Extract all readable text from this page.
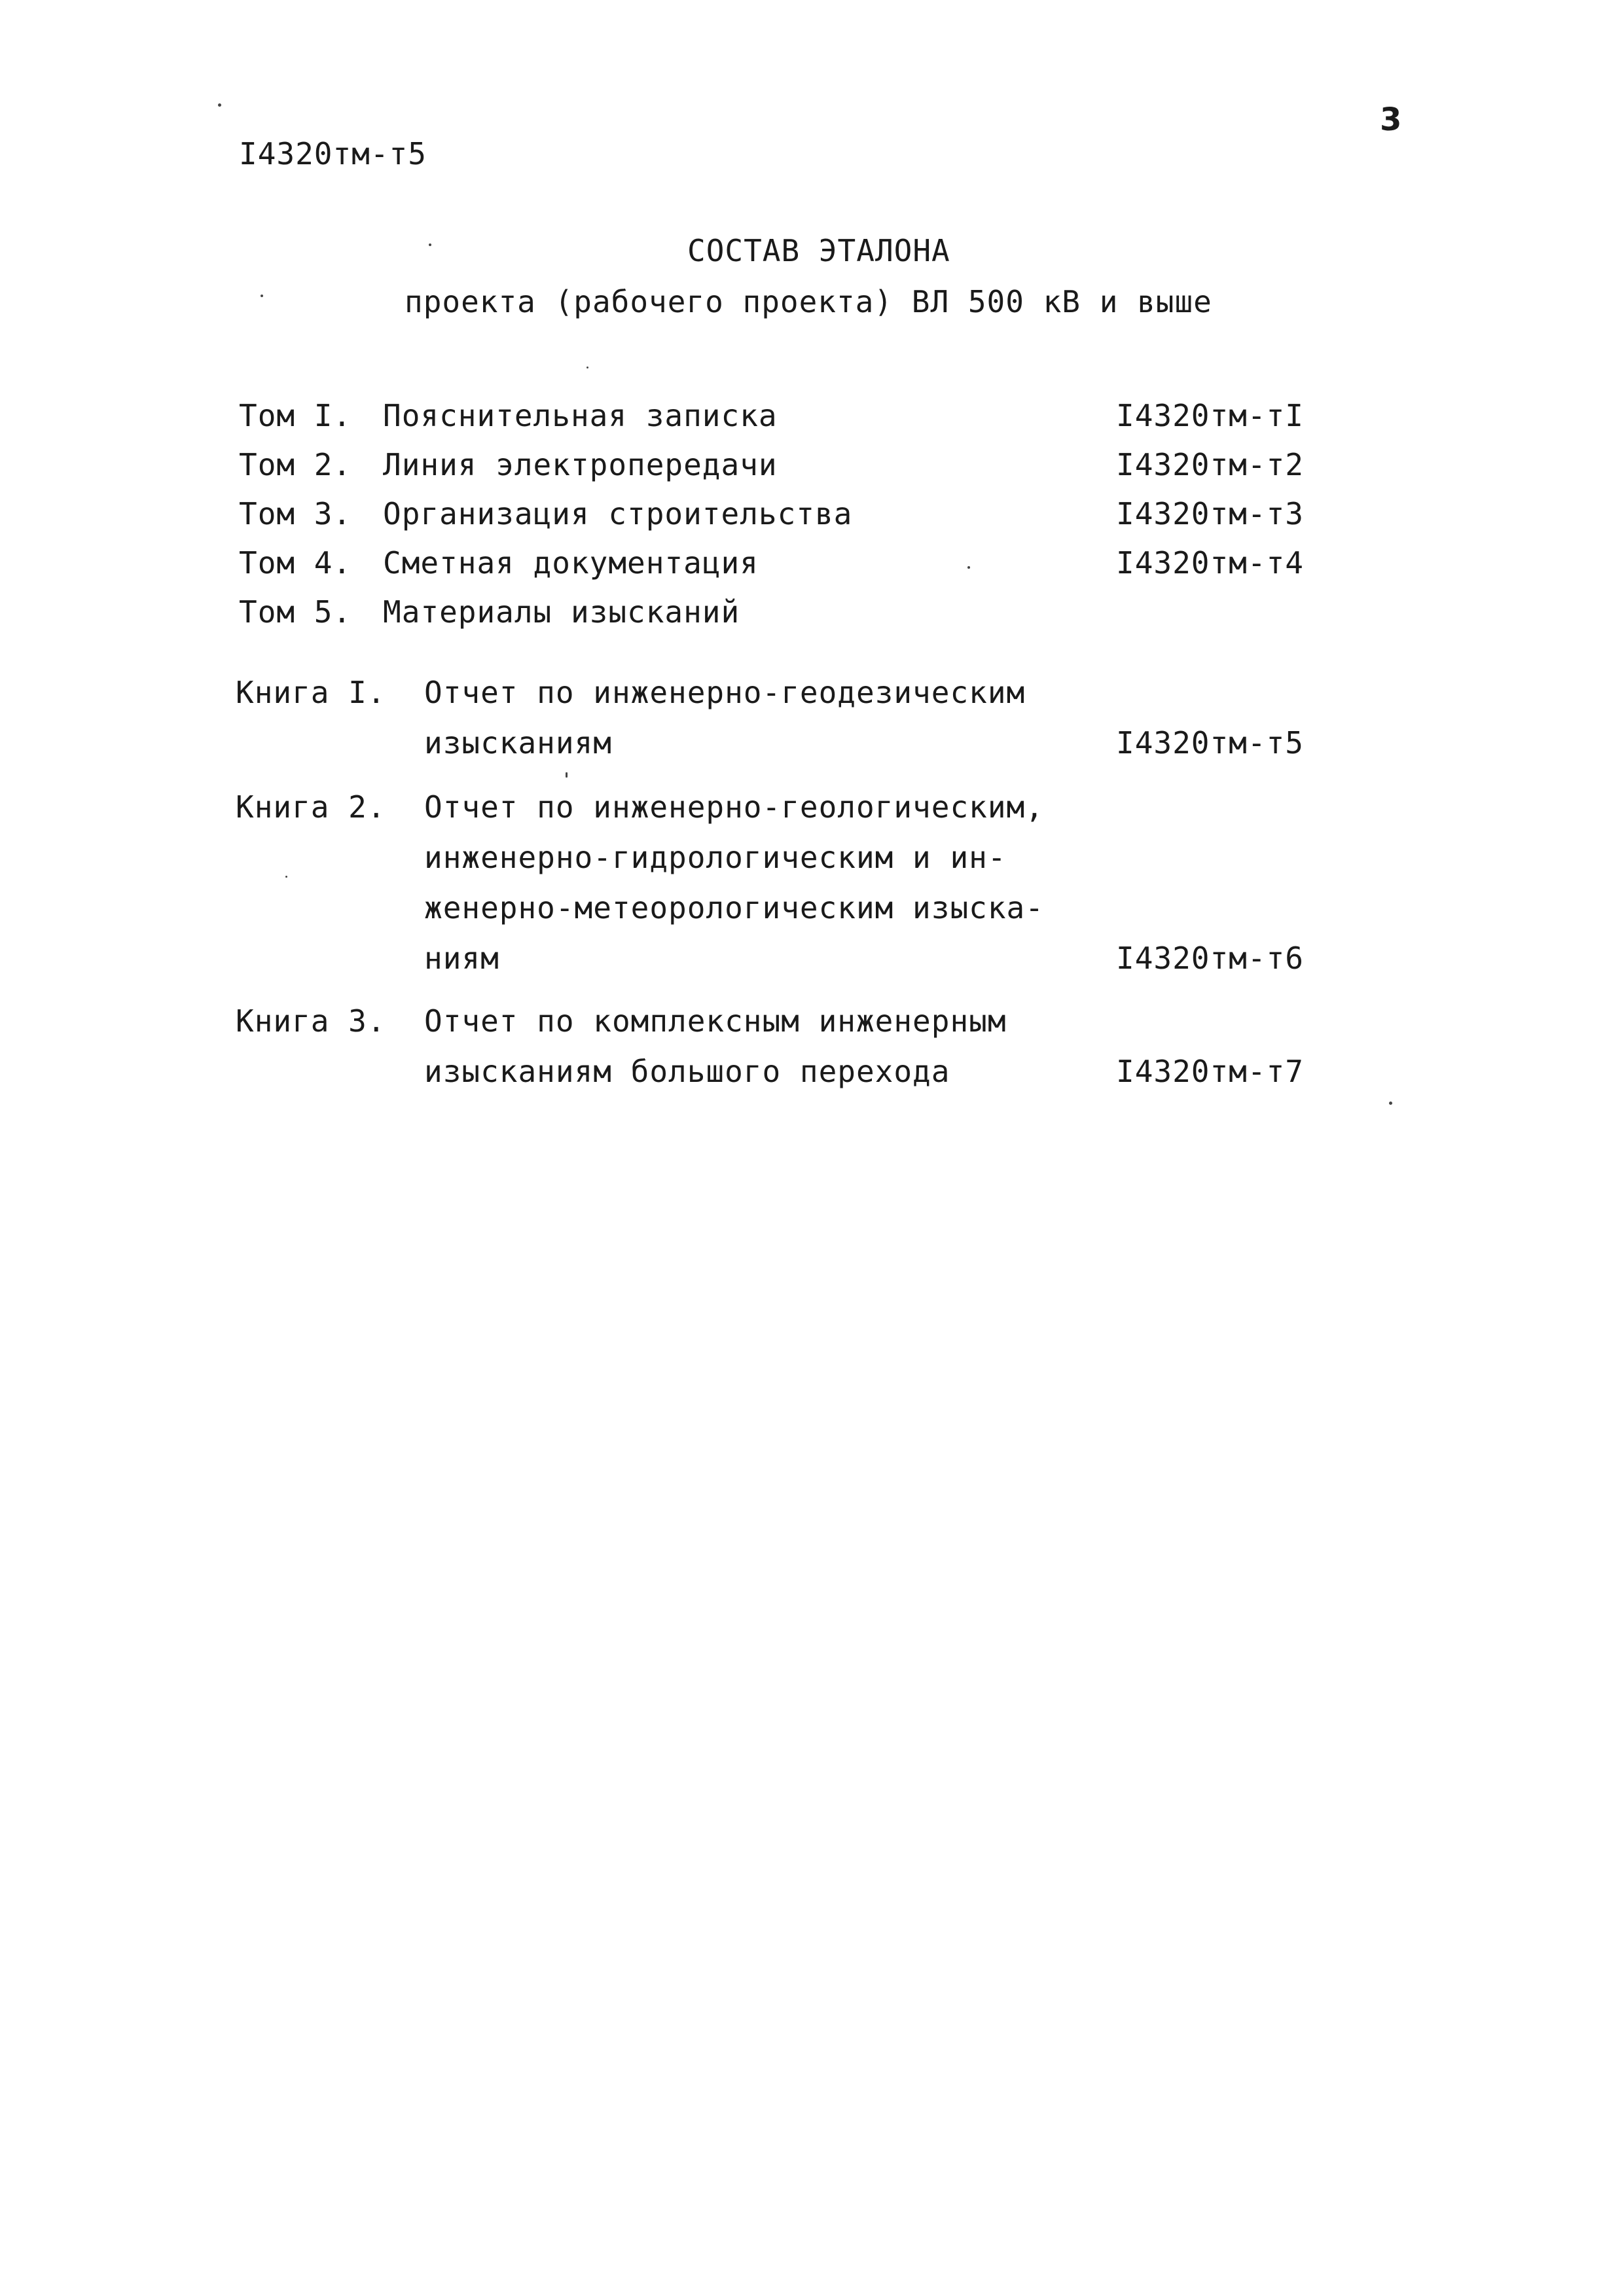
I4320тм-т5
3
СОСТАВ ЭТАЛОНА
проекта (рабочего проекта) ВЛ 500 кВ и выше
Том I. Пояснительная записка	I4320тм-тI
Том 2. Линия электропередачи	I4320тм-т2
Том 3. Организация строительства	I4320тм-т3
Том 4. Сметная документация	I4320тм-т4
Том 5. Материалы изысканий
Книга I. Отчет по инженерно-геодезическим
изысканиям	I4320тм-т5
Книга 2. Отчет по инженерно-геологическим,
инженерно-гидрологическим и ин-
женерно-метеорологическим изыска-
ниям	I4320тм-т6
Книга 3. Отчет по комплексным инженерным
изысканиям большого перехода	I4320тм-т7
